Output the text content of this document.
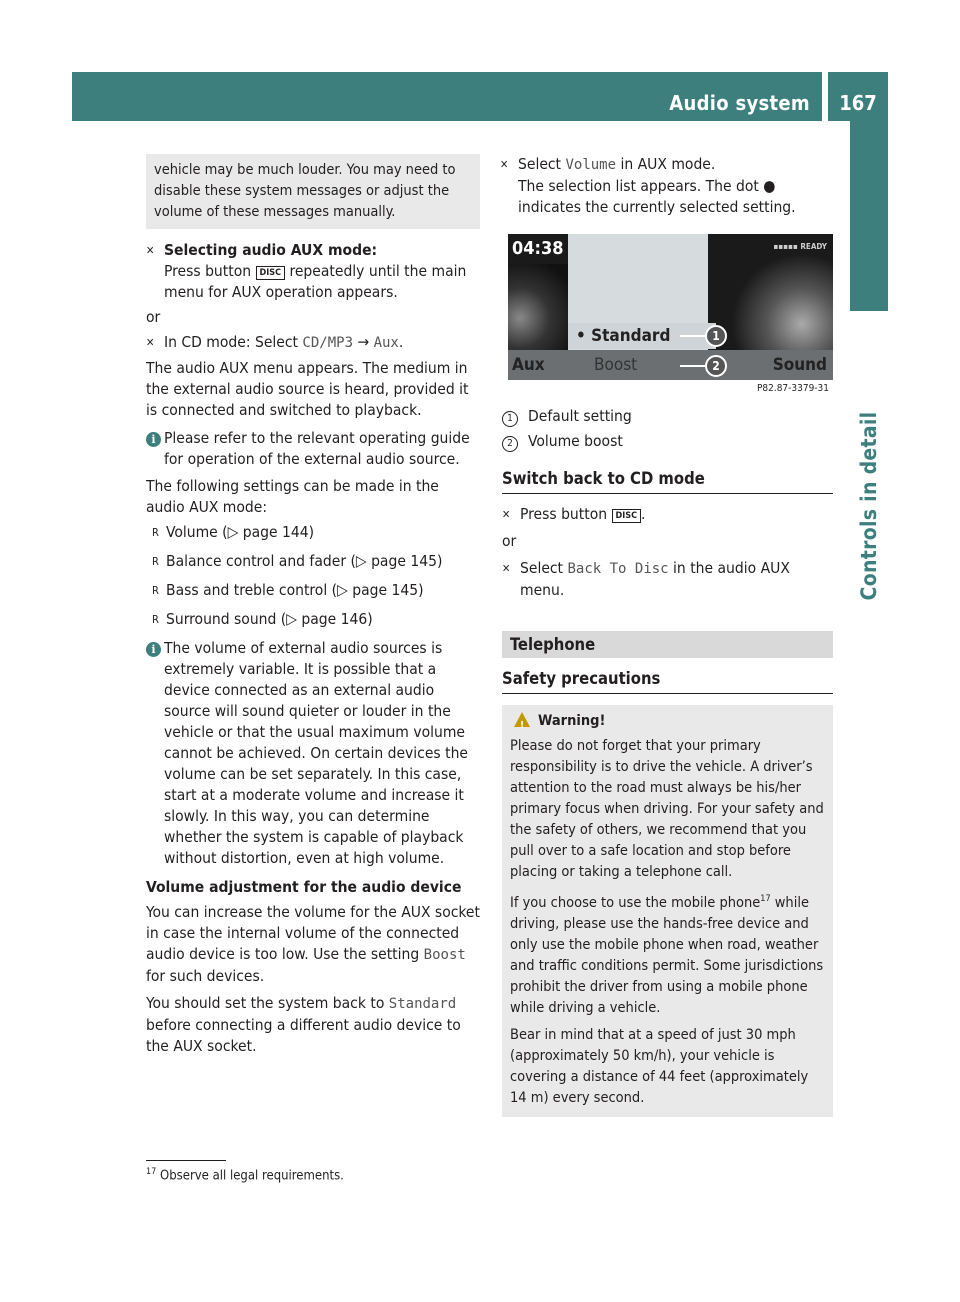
Audio system	167
Controls in detail
vehicle may be much louder. You may need to disable these system messages or adjust the volume of these messages manually.
✕ Selecting audio AUX mode:

Press button DISC repeatedly until the main menu for AUX operation appears.

or

✕ In CD mode: Select CD/MP3 → Aux.

The audio AUX menu appears. The medium in the external audio source is heard, provided it is connected and switched to playback.

i Please refer to the relevant operating guide for operation of the external audio source.

The following settings can be made in the audio AUX mode:

R Volume (▷ page 144)
R Balance control and fader (▷ page 145)
R Bass and treble control (▷ page 145)
R Surround sound (▷ page 146)
i The volume of external audio sources is extremely variable. It is possible that a device connected as an external audio source will sound quieter or louder in the vehicle or that the usual maximum volume cannot be achieved. On certain devices the volume can be set separately. In this case, start at a moderate volume and increase it slowly. In this way, you can determine whether the system is capable of playback without distortion, even at high volume.

Volume adjustment for the audio device

You can increase the volume for the AUX socket in case the internal volume of the connected audio device is too low. Use the setting Boost for such devices.

You should set the system back to Standard before connecting a different audio device to the AUX socket.

✕ Select Volume in AUX mode.

The selection list appears. The dot ● indicates the currently selected setting.

04:38	▪▪▪▪▪ READY
• Standard
Aux	Boost	Sound
1
2
P82.87-3379-31

1 Default setting

2 Volume boost

Switch back to CD mode

✕ Press button DISC .

or

✕ Select Back To Disc in the audio AUX menu.

Telephone

Safety precautions

! Warning!

Please do not forget that your primary responsibility is to drive the vehicle. A driver’s attention to the road must always be his/her primary focus when driving. For your safety and the safety of others, we recommend that you pull over to a safe location and stop before placing or taking a telephone call.

If you choose to use the mobile phone$^{17}$ while driving, please use the hands-free device and only use the mobile phone when road, weather and traffic conditions permit. Some jurisdictions prohibit the driver from using a mobile phone while driving a vehicle.

Bear in mind that at a speed of just 30 mph (approximately 50 km/h), your vehicle is covering a distance of 44 feet (approximately 14 m) every second.

$^{17}$ Observe all legal requirements.
